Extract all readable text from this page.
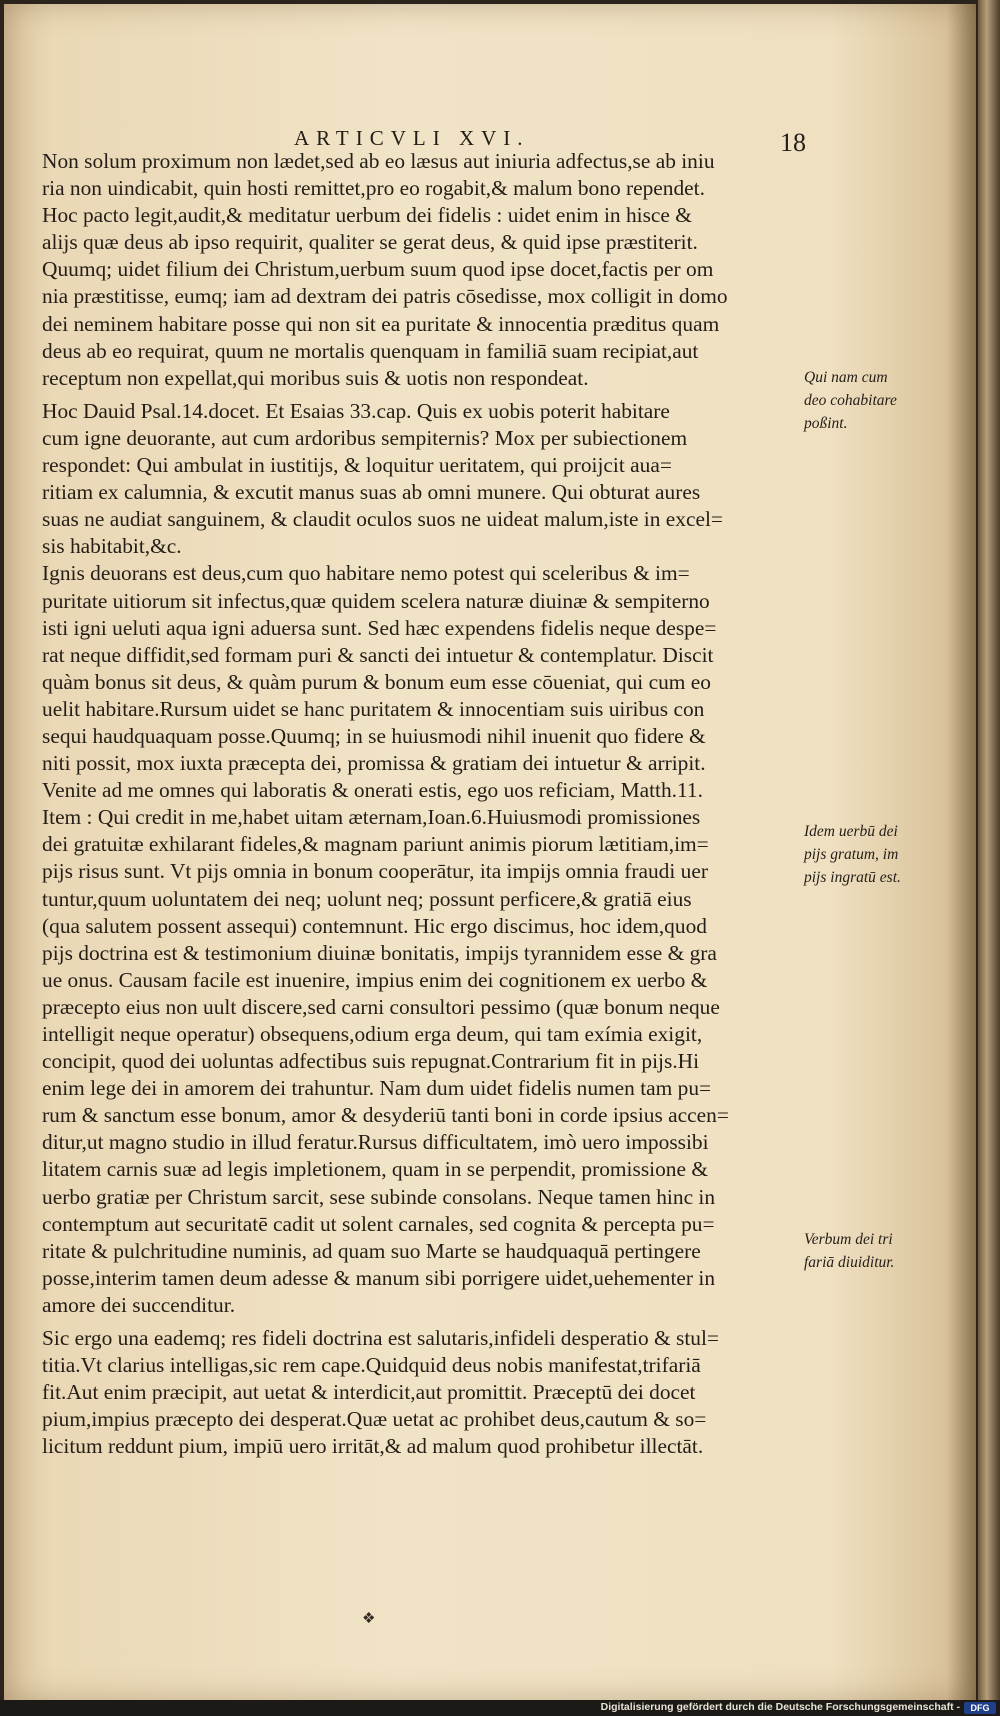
ARTICVLI XVI.	18
Non solum proximum non lædet,sed ab eo læsus aut iniuria adfectus,se ab iniu
ria non uindicabit, quin hosti remittet,pro eo rogabit,& malum bono rependet.
Hoc pacto legit,audit,& meditatur uerbum dei fidelis : uidet enim in hisce &
alijs quæ deus ab ipso requirit, qualiter se gerat deus, & quid ipse præstiterit.
Quumq; uidet filium dei Christum,uerbum suum quod ipse docet,factis per om
nia præstitisse, eumq; iam ad dextram dei patris cōsedisse, mox colligit in domo
dei neminem habitare posse qui non sit ea puritate & innocentia præditus quam
deus ab eo requirat, quum ne mortalis quenquam in familiā suam recipiat,aut
receptum non expellat,qui moribus suis & uotis non respondeat.
Hoc Dauid Psal.14.docet. Et Esaias 33.cap. Quis ex uobis poterit habitare
cum igne deuorante, aut cum ardoribus sempiternis? Mox per subiectionem
respondet: Qui ambulat in iustitijs, & loquitur ueritatem, qui proijcit aua=
ritiam ex calumnia, & excutit manus suas ab omni munere. Qui obturat aures
suas ne audiat sanguinem, & claudit oculos suos ne uideat malum,iste in excel=
sis habitabit,&c.
Ignis deuorans est deus,cum quo habitare nemo potest qui sceleribus & im=
puritate uitiorum sit infectus,quæ quidem scelera naturæ diuinæ & sempiterno
isti igni ueluti aqua igni aduersa sunt. Sed hæc expendens fidelis neque despe=
rat neque diffidit,sed formam puri & sancti dei intuetur & contemplatur. Discit
quàm bonus sit deus, & quàm purum & bonum eum esse cōueniat, qui cum eo
uelit habitare.Rursum uidet se hanc puritatem & innocentiam suis uiribus con
sequi haudquaquam posse.Quumq; in se huiusmodi nihil inuenit quo fidere &
niti possit, mox iuxta præcepta dei, promissa & gratiam dei intuetur & arripit.
Venite ad me omnes qui laboratis & onerati estis, ego uos reficiam, Matth.11.
Item : Qui credit in me,habet uitam æternam,Ioan.6.Huiusmodi promissiones
dei gratuitæ exhilarant fideles,& magnam pariunt animis piorum lætitiam,im=
pijs risus sunt. Vt pijs omnia in bonum cooperātur, ita impijs omnia fraudi uer
tuntur,quum uoluntatem dei neq; uolunt neq; possunt perficere,& gratiā eius
(qua salutem possent assequi) contemnunt. Hic ergo discimus, hoc idem,quod
pijs doctrina est & testimonium diuinæ bonitatis, impijs tyrannidem esse & gra
ue onus. Causam facile est inuenire, impius enim dei cognitionem ex uerbo &
præcepto eius non uult discere,sed carni consultori pessimo (quæ bonum neque
intelligit neque operatur) obsequens,odium erga deum, qui tam exímia exigit,
concipit, quod dei uoluntas adfectibus suis repugnat.Contrarium fit in pijs.Hi
enim lege dei in amorem dei trahuntur. Nam dum uidet fidelis numen tam pu=
rum & sanctum esse bonum, amor & desyderiū tanti boni in corde ipsius accen=
ditur,ut magno studio in illud feratur.Rursus difficultatem, imò uero impossibi
litatem carnis suæ ad legis impletionem, quam in se perpendit, promissione &
uerbo gratiæ per Christum sarcit, sese subinde consolans. Neque tamen hinc in
contemptum aut securitatē cadit ut solent carnales, sed cognita & percepta pu=
ritate & pulchritudine numinis, ad quam suo Marte se haudquaquā pertingere
posse,interim tamen deum adesse & manum sibi porrigere uidet,uehementer in
amore dei succenditur.
Sic ergo una eademq; res fideli doctrina est salutaris,infideli desperatio & stul=
titia.Vt clarius intelligas,sic rem cape.Quidquid deus nobis manifestat,trifariā
fit.Aut enim præcipit, aut uetat & interdicit,aut promittit. Præceptū dei docet
pium,impius præcepto dei desperat.Quæ uetat ac prohibet deus,cautum & so=
licitum reddunt pium, impiū uero irritāt,& ad malum quod prohibetur illectāt.
Qui nam cum
deo cohabitare
poßint.
Idem uerbū dei
pijs gratum, im
pijs ingratū est.
Verbum dei tri
fariā diuiditur.
❖
Digitalisierung gefördert durch die Deutsche Forschungsgemeinschaft -	DFG
